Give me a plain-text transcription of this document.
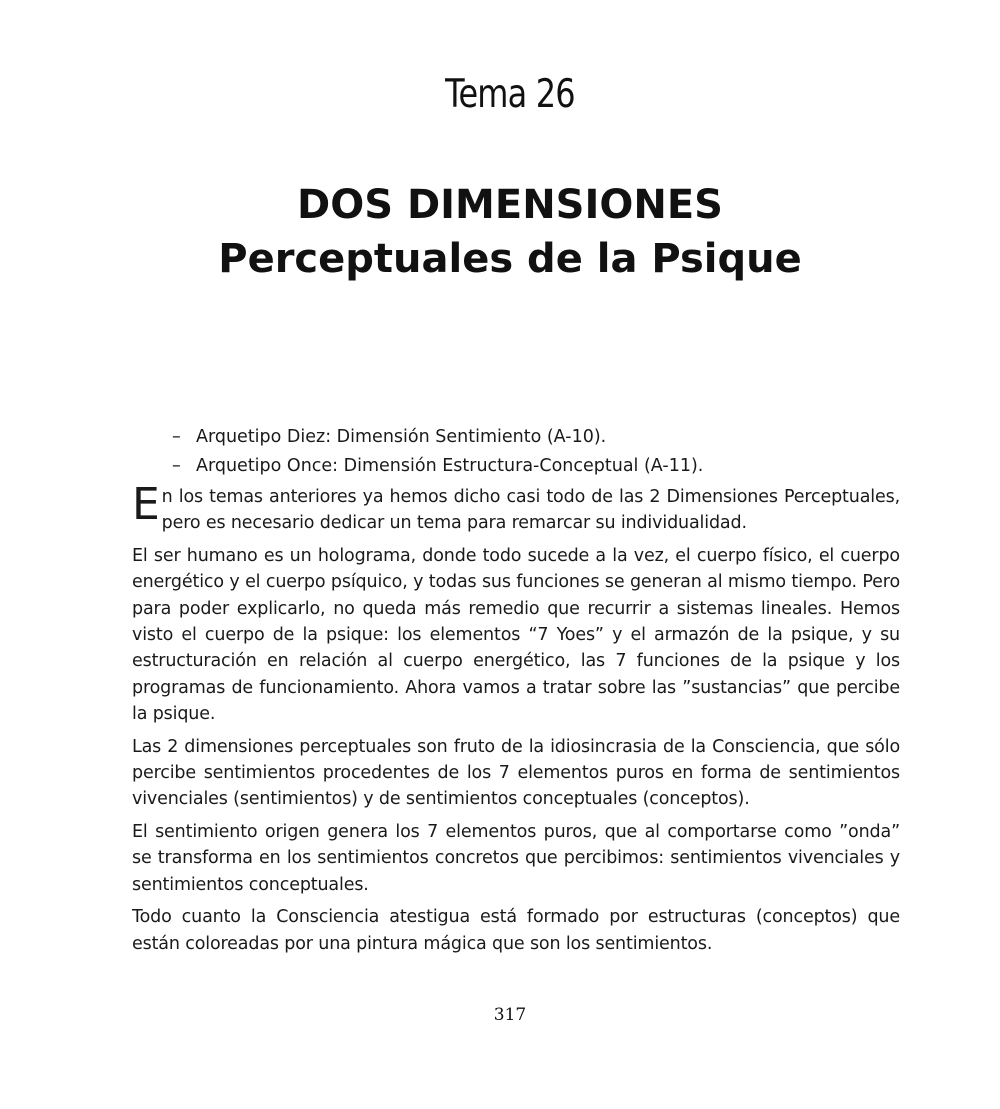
Tema 26
DOS DIMENSIONES
Perceptuales de la Psique
– Arquetipo Diez: Dimensión Sentimiento (A-10).
– Arquetipo Once: Dimensión Estructura-Conceptual (A-11).

En los temas anteriores ya hemos dicho casi todo de las 2 Dimensiones Perceptuales, pero es necesario dedicar un tema para remarcar su individualidad.

El ser humano es un holograma, donde todo sucede a la vez, el cuerpo físico, el cuerpo energético y el cuerpo psíquico, y todas sus funciones se generan al mismo tiempo. Pero para poder explicarlo, no queda más remedio que recurrir a sistemas lineales. Hemos visto el cuerpo de la psique: los elementos “7 Yoes” y el armazón de la psique, y su estructuración en relación al cuerpo energético, las 7 funciones de la psique y los programas de funcionamiento. Ahora vamos a tratar sobre las ”sustancias” que percibe la psique.

Las 2 dimensiones perceptuales son fruto de la idiosincrasia de la Consciencia, que sólo percibe sentimientos procedentes de los 7 elementos puros en forma de sentimientos vivenciales (sentimientos) y de sentimientos conceptuales (conceptos).

El sentimiento origen genera los 7 elementos puros, que al comportarse como ”onda” se transforma en los sentimientos concretos que percibimos: sentimientos vivenciales y sentimientos conceptuales.

Todo cuanto la Consciencia atestigua está formado por estructuras (conceptos) que están coloreadas por una pintura mágica que son los sentimientos.

317
